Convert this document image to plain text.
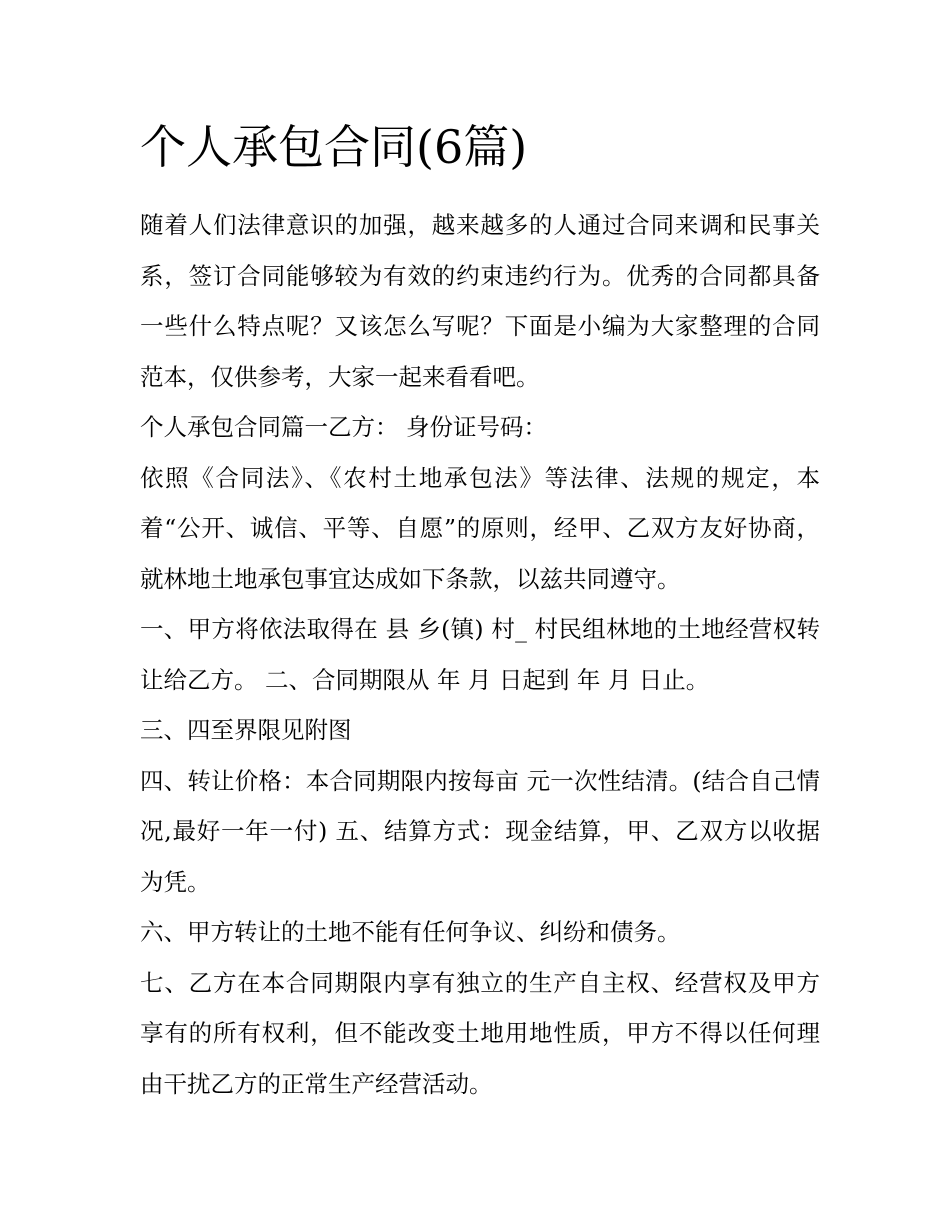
个人承包合同(6篇)

随着人们法律意识的加强，越来越多的人通过合同来调和民事关系，签订合同能够较为有效的约束违约行为。优秀的合同都具备一些什么特点呢？又该怎么写呢？下面是小编为大家整理的合同范本，仅供参考，大家一起来看看吧。

个人承包合同篇一乙方： 身份证号码：

依照《合同法》、《农村土地承包法》等法律、法规的规定，本着“公开、诚信、平等、自愿”的原则，经甲、乙双方友好协商，就林地土地承包事宜达成如下条款，以兹共同遵守。

一、甲方将依法取得在 县 乡(镇) 村_ 村民组林地的土地经营权转让给乙方。 二、合同期限从 年 月 日起到 年 月 日止。

三、四至界限见附图

四、转让价格：本合同期限内按每亩 元一次性结清。(结合自己情况,最好一年一付) 五、结算方式：现金结算，甲、乙双方以收据为凭。

六、甲方转让的土地不能有任何争议、纠纷和债务。

七、乙方在本合同期限内享有独立的生产自主权、经营权及甲方享有的所有权利，但不能改变土地用地性质，甲方不得以任何理由干扰乙方的正常生产经营活动。
